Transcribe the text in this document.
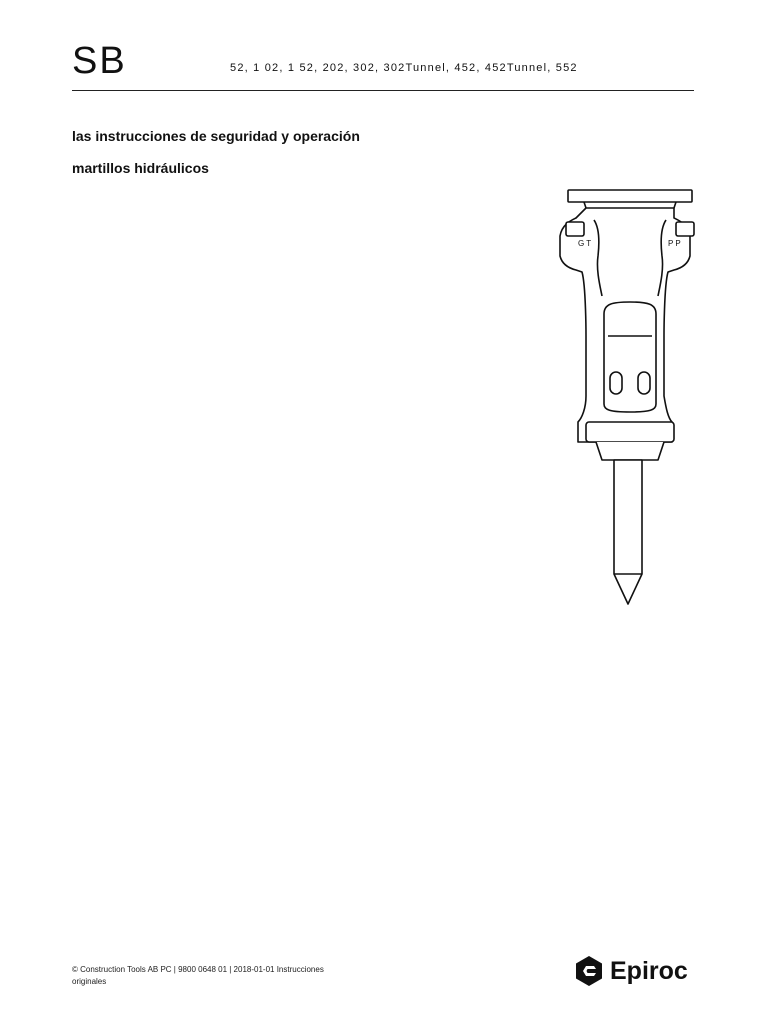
SB	52, 1 02, 1 52, 202, 302, 302Tunnel, 452, 452Tunnel, 552
las instrucciones de seguridad y operación
martillos hidráulicos
G T	P P
© Construction Tools AB PC | 9800 0648 01 | 2018-01-01 Instrucciones originales	Epiroc
